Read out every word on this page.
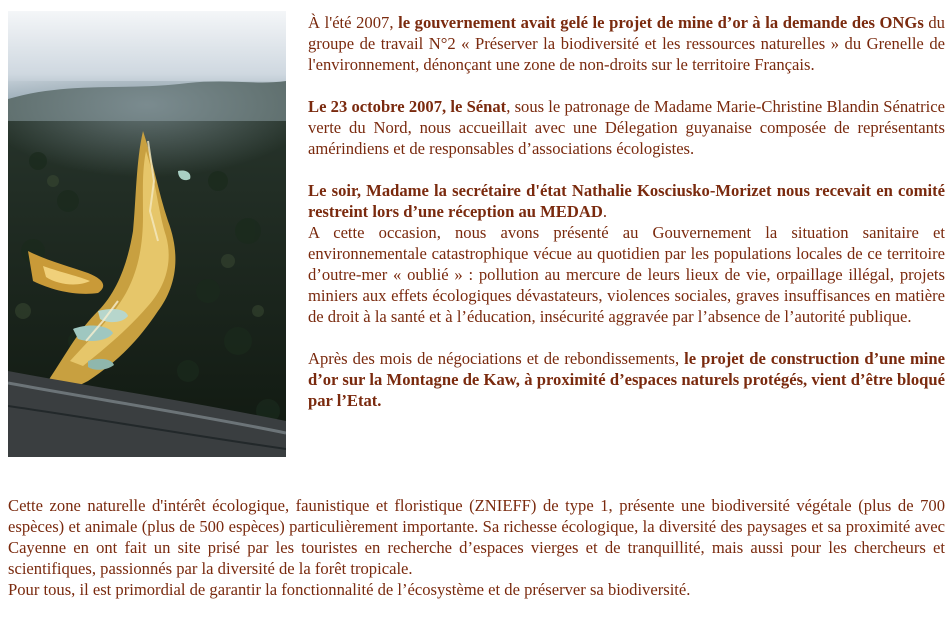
À l'été 2007, le gouvernement avait gelé le projet de mine d’or à la demande des ONGs du groupe de travail N°2 « Préserver la biodiversité et les ressources naturelles » du Grenelle de l'environnement, dénonçant une zone de non-droits sur le territoire Français.

Le 23 octobre 2007, le Sénat, sous le patronage de Madame Marie-Christine Blandin Sénatrice verte du Nord, nous accueillait avec une Délegation guyanaise composée de représentants amérindiens et de responsables d’associations écologistes.

Le soir, Madame la secrétaire d'état Nathalie Kosciusko-Morizet nous recevait en comité restreint lors d’une réception au MEDAD.

A cette occasion, nous avons présenté au Gouvernement la situation sanitaire et environnementale catastrophique vécue au quotidien par les populations locales de ce territoire d’outre-mer « oublié » : pollution au mercure de leurs lieux de vie, orpaillage illégal, projets miniers aux effets écologiques dévastateurs, violences sociales, graves insuffisances en matière de droit à la santé et à l’éducation, insécurité aggravée par l’absence de l’autorité publique.

Après des mois de négociations et de rebondissements, le projet de construction d’une mine d’or sur la Montagne de Kaw, à proximité d’espaces naturels protégés, vient d’être bloqué par l’Etat.

Cette zone naturelle d'intérêt écologique, faunistique et floristique (ZNIEFF) de type 1, présente une biodiversité végétale (plus de 700 espèces) et animale (plus de 500 espèces) particulièrement importante. Sa richesse écologique, la diversité des paysages et sa proximité avec Cayenne en ont fait un site prisé par les touristes en recherche d’espaces vierges et de tranquillité, mais aussi pour les chercheurs et scientifiques, passionnés par la diversité de la forêt tropicale.

Pour tous, il est primordial de garantir la fonctionnalité de l’écosystème et de préserver sa biodiversité.
